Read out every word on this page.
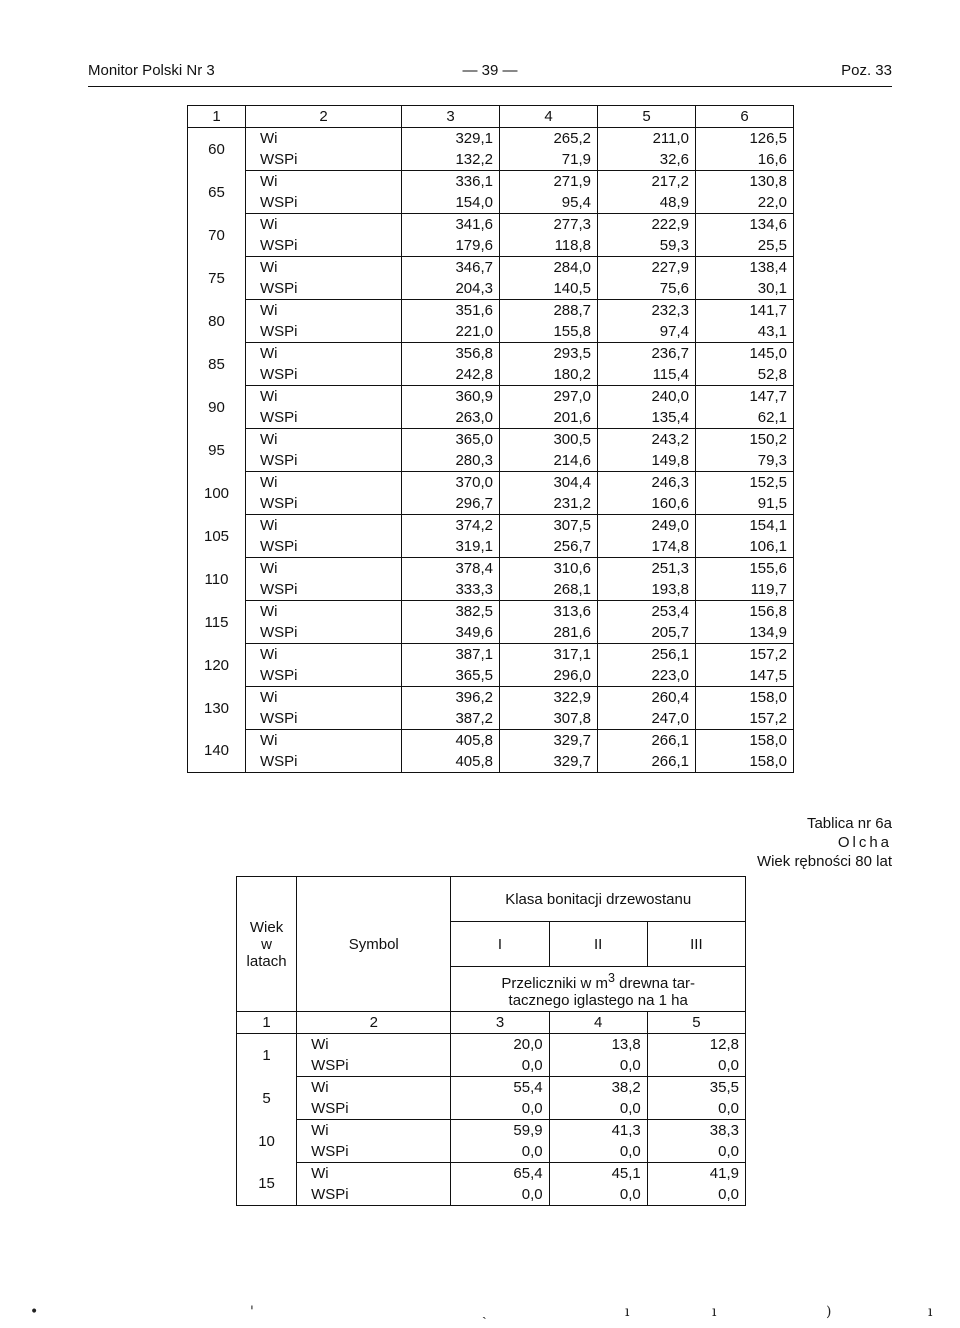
Monitor Polski Nr 3	— 39 —	Poz. 33
1	2	3	4	5	6
60	Wi	329,1	265,2	211,0	126,5
	WSPi	132,2	71,9	32,6	16,6
65	Wi	336,1	271,9	217,2	130,8
	WSPi	154,0	95,4	48,9	22,0
70	Wi	341,6	277,3	222,9	134,6
	WSPi	179,6	118,8	59,3	25,5
75	Wi	346,7	284,0	227,9	138,4
	WSPi	204,3	140,5	75,6	30,1
80	Wi	351,6	288,7	232,3	141,7
	WSPi	221,0	155,8	97,4	43,1
85	Wi	356,8	293,5	236,7	145,0
	WSPi	242,8	180,2	115,4	52,8
90	Wi	360,9	297,0	240,0	147,7
	WSPi	263,0	201,6	135,4	62,1
95	Wi	365,0	300,5	243,2	150,2
	WSPi	280,3	214,6	149,8	79,3
100	Wi	370,0	304,4	246,3	152,5
	WSPi	296,7	231,2	160,6	91,5
105	Wi	374,2	307,5	249,0	154,1
	WSPi	319,1	256,7	174,8	106,1
110	Wi	378,4	310,6	251,3	155,6
	WSPi	333,3	268,1	193,8	119,7
115	Wi	382,5	313,6	253,4	156,8
	WSPi	349,6	281,6	205,7	134,9
120	Wi	387,1	317,1	256,1	157,2
	WSPi	365,5	296,0	223,0	147,5
130	Wi	396,2	322,9	260,4	158,0
	WSPi	387,2	307,8	247,0	157,2
140	Wi	405,8	329,7	266,1	158,0
	WSPi	405,8	329,7	266,1	158,0
Tablica nr 6a
Olcha
Wiek rębności 80 lat
Wiek
w
latach	Symbol	Klasa bonitacji drzewostanu		
		I	II	III

		Przeliczniki w $m^3$ drewna tar-
tacznego iglastego na 1 ha		

1	2	3	4	5
1	Wi	20,0	13,8	12,8
	WSPi	0,0	0,0	0,0
5	Wi	55,4	38,2	35,5
	WSPi	0,0	0,0	0,0
10	Wi	59,9	41,3	38,3
	WSPi	0,0	0,0	0,0
15	Wi	65,4	45,1	41,9
	WSPi	0,0	0,0	0,0
•	ꞌ	ˎ	ı	ı	)	ı
